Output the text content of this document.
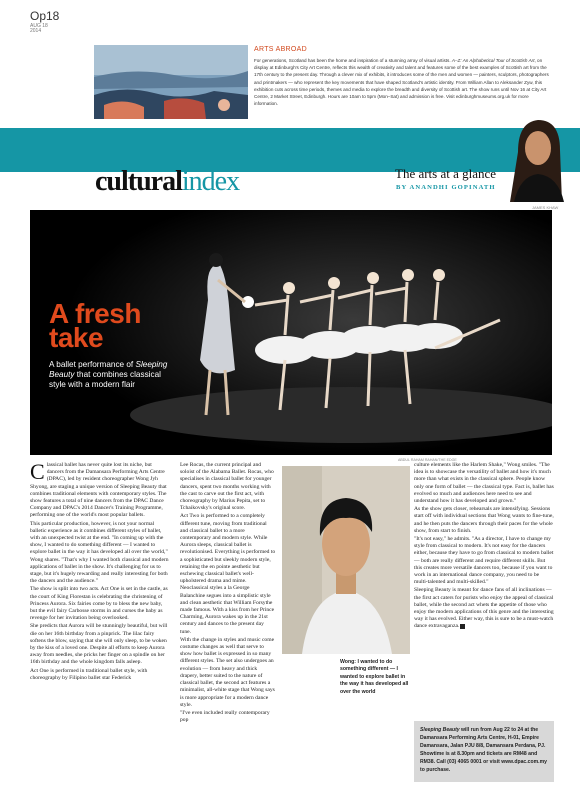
Op18
AUG 18
2014
ARTS ABROAD
For generations, Scotland has been the home and inspiration of a stunning array of visual artists. A–Z: An Alphabetical Tour of Scottish Art, on display at Edinburgh's City Art Centre, reflects this wealth of creativity and talent and features some of the best examples of Scottish art from the 17th century to the present day. Through a clever mix of exhibits, it introduces some of the men and women — painters, sculptors, photographers and printmakers — who represent the key movements that have shaped Scotland's artistic identity. From William Allan to Aleksander Zyw, this exhibition cuts across time periods, themes and media to explore the breadth and diversity of Scottish art. The show runs until Nov 16 at City Art Centre, 2 Market Street, Edinburgh. Hours are 10am to 5pm (Mon–Sat) and admission is free. Visit edinburghmuseums.org.uk for more information.
culturalindex	The arts at a glance
BY ANANDHI GOPINATH
JAMES KHAW
A fresh
take
A ballet performance of Sleeping Beauty that combines classical style with a modern flair
C lassical ballet has never quite lost its niche, but dancers from the Damansara Performing Arts Centre (DPAC), led by resident choreographer Wong Jyh Shyong, are staging a unique version of Sleeping Beauty that combines traditional elements with contemporary styles. The show features a total of nine dancers from the DPAC Dance Company and DPAC's 2014 Dancer's Training Programme, performing one of the world's most popular ballets.

This particular production, however, is not your normal balletic experience as it combines different styles of ballet, with an unexpected twist at the end. "In coming up with the show, I wanted to do something different — I wanted to explore ballet in the way it has developed all over the world," Wong shares. "That's why I wanted both classical and modern applications of ballet in the show. It's challenging for us to stage, but it's hugely rewarding and really interesting for both the dancers and the audience."

The show is split into two acts. Act One is set in the castle, as the court of King Florestan is celebrating the christening of Princess Aurora. Six fairies come by to bless the new baby, but the evil fairy Carbosse storms in and curses the baby as revenge for her invitation being overlooked.

She predicts that Aurora will be stunningly beautiful, but will die on her 16th birthday from a pinprick. The lilac fairy softens the blow, saying that she will only sleep, to be woken by the kiss of a loved one. Despite all efforts to keep Aurora away from needles, she pricks her finger on a spindle on her 16th birthday and the whole kingdom falls asleep.

Act One is performed in traditional ballet style, with choreography by Filipino ballet star Federick

Lee Rocas, the current principal and soloist of the Alabama Ballet. Rocas, who specialises in classical ballet for younger dancers, spent two months working with the cast to carve out the first act, with choreography by Marius Pepita, set to Tchaikovsky's original score.

Act Two is performed to a completely different tune, moving from traditional and classical ballet to a more contemporary and modern style. While Aurora sleeps, classical ballet is revolutionised. Everything is performed to a sophisticated but sleekly modern style, retaining the en pointe aesthetic but eschewing classical ballet's well-upholstered drama and mime. Neoclassical styles a la George Balanchine segues into a simplistic style and clean aesthetic that William Forsythe made famous. With a kiss from her Prince Charming, Aurora wakes up in the 21st century and dances to the present day tune.

With the change in styles and music come costume changes as well that serve to show how ballet is expressed in so many different styles. The set also undergoes an evolution — from heavy and thick drapery, better suited to the nature of classical ballet, the second act features a minimalist, all-white stage that Wong says is more appropriate for a modern dance style.

"I've even included really contemporary pop

ABDUL RAHAM RAHAN/THE EDGE
Wong: I wanted to do something different — I wanted to explore ballet in the way it has developed all over the world

culture elements like the Harlem Shake," Wong smiles. "The idea is to showcase the versatility of ballet and how it's much more than what exists in the classical sphere. People know only one form of ballet — the classical type. Fact is, ballet has evolved so much and audiences here need to see and understand how it has developed and grown."

As the show gets closer, rehearsals are intensifying. Sessions start off with individual sections that Wong wants to fine-tune, and he then puts the dancers through their paces for the whole show, from start to finish.

"It's not easy," he admits. "As a director, I have to change my style from classical to modern. It's not easy for the dancers either, because they have to go from classical to modern ballet — both are really different and require different skills. But this creates more versatile dancers too, because if you want to work in an international dance company, you need to be multi-talented and multi-skilled."

Sleeping Beauty is meant for dance fans of all inclinations — the first act caters for purists who enjoy the appeal of classical ballet, while the second act whets the appetite of those who enjoy the modern applications of this genre and the interesting way it has evolved. Either way, this is sure to be a must-watch dance extravaganza.

Sleeping Beauty will run from Aug 22 to 24 at the Damansara Performing Arts Centre, H-01, Empire Damansara, Jalan PJU 8/8, Damansara Perdana, PJ. Showtime is at 8.30pm and tickets are RM48 and RM38. Call (03) 4065 0001 or visit www.dpac.com.my to purchase.
